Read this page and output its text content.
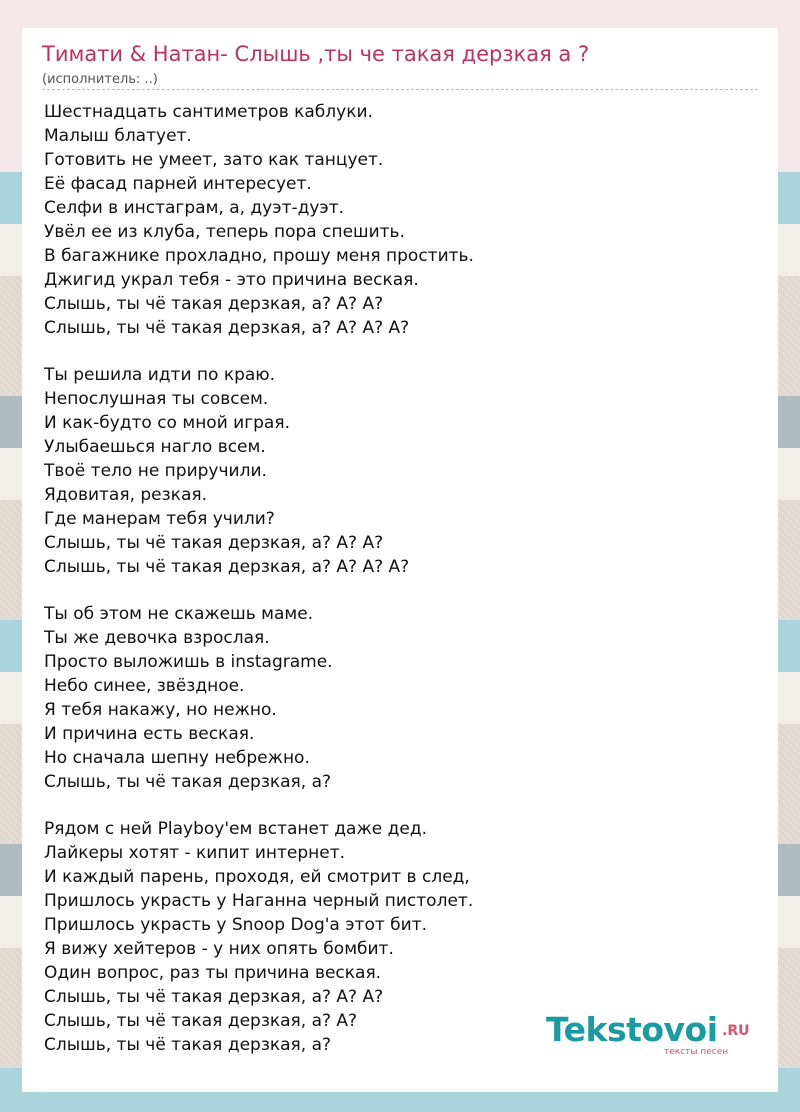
Тимати & Натан- Слышь ,ты че такая дерзкая а ?
(исполнитель: ..)
Шестнадцать сантиметров каблуки.
Малыш блатует.
Готовить не умеет, зато как танцует.
Её фасад парней интересует.
Селфи в инстаграм, а, дуэт-дуэт.
Увёл ее из клуба, теперь пора спешить.
В багажнике прохладно, прошу меня простить.
Джигид украл тебя - это причина веская.
Слышь, ты чё такая дерзкая, а? А? А?
Слышь, ты чё такая дерзкая, а? А? А? А?
Ты решила идти по краю.
Непослушная ты совсем.
И как-будто со мной играя.
Улыбаешься нагло всем.
Твоё тело не приручили.
Ядовитая, резкая.
Где манерам тебя учили?
Слышь, ты чё такая дерзкая, а? А? А?
Слышь, ты чё такая дерзкая, а? А? А? А?
Ты об этом не скажешь маме.
Ты же девочка взрослая.
Просто выложишь в instagrame.
Небо синее, звёздное.
Я тебя накажу, но нежно.
И причина есть веская.
Но сначала шепну небрежно.
Слышь, ты чё такая дерзкая, а?
Рядом с ней Playboy'ем встанет даже дед.
Лайкеры хотят - кипит интернет.
И каждый парень, проходя, ей смотрит в след,
Пришлось украсть у Наганна черный пистолет.
Пришлось украсть у Snoop Dog'а этот бит.
Я вижу хейтеров - у них опять бомбит.
Один вопрос, раз ты причина веская.
Слышь, ты чё такая дерзкая, а? А? А?
Слышь, ты чё такая дерзкая, а? А?
Слышь, ты чё такая дерзкая, а?	Tekstovoi .RU
тексты песен
